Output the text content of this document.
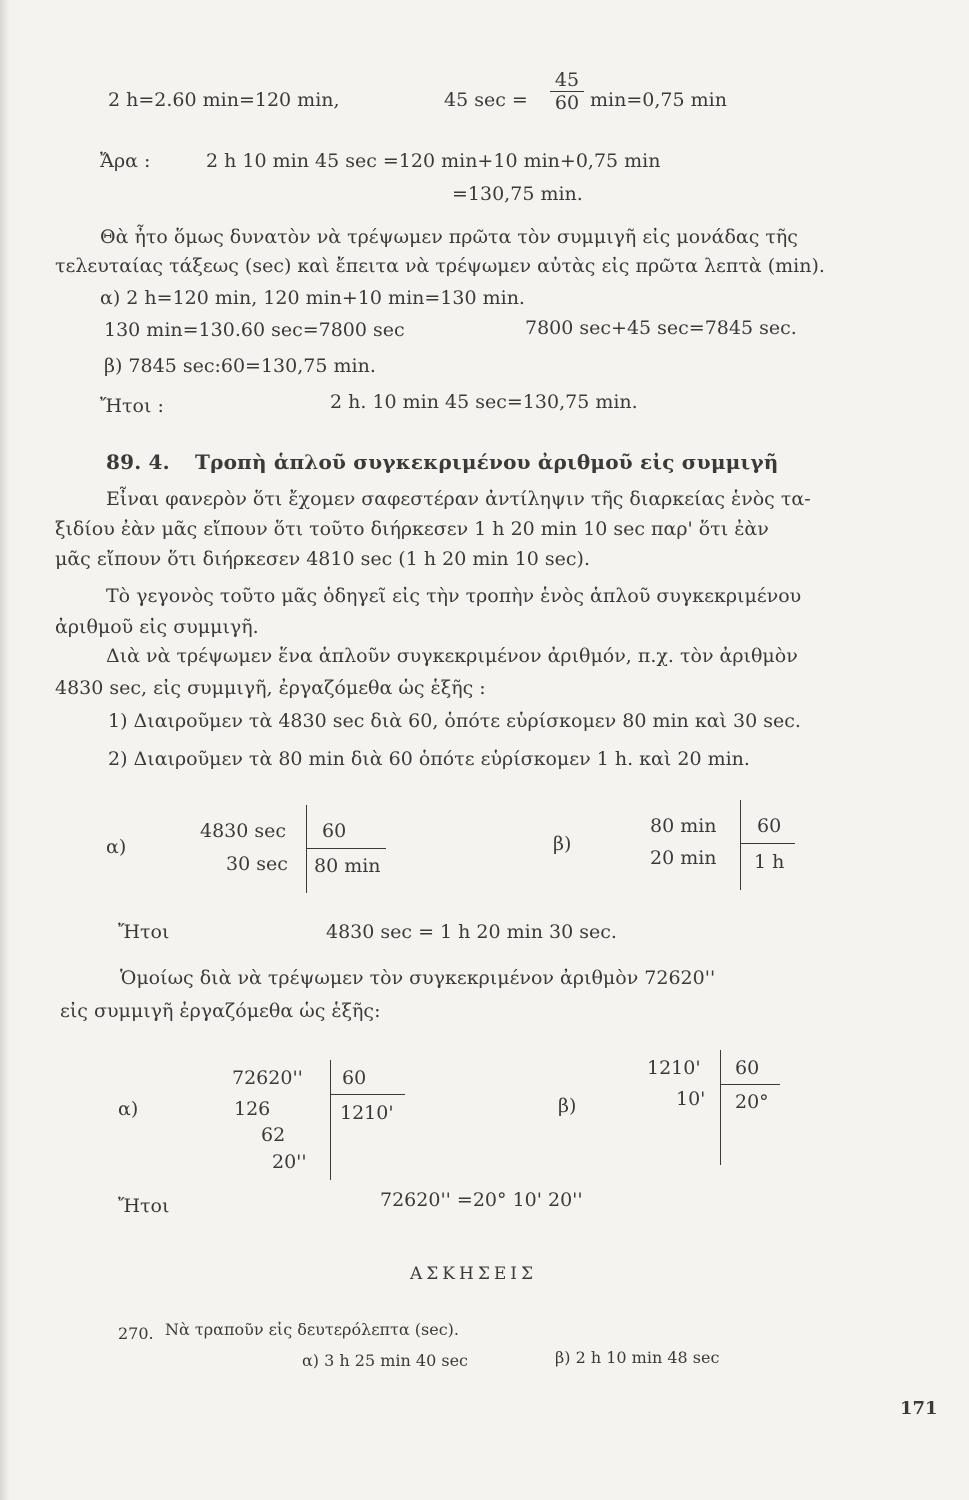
2 h=2.60 min=120 min,	45 sec =
45
60 min=0,75 min
Ἄρα :	2 h 10 min 45 sec =120 min+10 min+0,75 min
=130,75 min.
Θὰ ἦτο ὅμως δυνατὸν νὰ τρέψωμεν πρῶτα τὸν συμμιγῆ εἰς μονάδας τῆς
τελευταίας τάξεως (sec) καὶ ἔπειτα νὰ τρέψωμεν αὐτὰς εἰς πρῶτα λεπτὰ (min).
α) 2 h=120 min, 120 min+10 min=130 min.
130 min=130.60 sec=7800 sec	7800 sec+45 sec=7845 sec.
β) 7845 sec:60=130,75 min.
Ἤτοι :	2 h. 10 min 45 sec=130,75 min.
89. 4. Τροπὴ ἁπλοῦ συγκεκριμένου ἀριθμοῦ εἰς συμμιγῆ
Εἶναι φανερὸν ὅτι ἔχομεν σαφεστέραν ἀντίληψιν τῆς διαρκείας ἑνὸς τα-
ξιδίου ἐὰν μᾶς εἴπουν ὅτι τοῦτο διήρκεσεν 1 h 20 min 10 sec παρ' ὅτι ἐὰν
μᾶς εἴπουν ὅτι διήρκεσεν 4810 sec (1 h 20 min 10 sec).
Τὸ γεγονὸς τοῦτο μᾶς ὁδηγεῖ εἰς τὴν τροπὴν ἑνὸς ἁπλοῦ συγκεκριμένου
ἀριθμοῦ εἰς συμμιγῆ.
Διὰ νὰ τρέψωμεν ἕνα ἁπλοῦν συγκεκριμένον ἀριθμόν, π.χ. τὸν ἀριθμὸν
4830 sec, εἰς συμμιγῆ, ἐργαζόμεθα ὡς ἑξῆς :
1) Διαιροῦμεν τὰ 4830 sec διὰ 60, ὁπότε εὑρίσκομεν 80 min καὶ 30 sec.
2) Διαιροῦμεν τὰ 80 min διὰ 60 ὁπότε εὑρίσκομεν 1 h. καὶ 20 min.
α)
4830 sec
30 sec
60
80 min
β)
80 min
20 min
60
1 h
Ἤτοι	4830 sec = 1 h 20 min 30 sec.
Ὁμοίως διὰ νὰ τρέψωμεν τὸν συγκεκριμένον ἀριθμὸν 72620''
εἰς συμμιγῆ ἐργαζόμεθα ὡς ἑξῆς:
α)
72620''
126
62
20''
60
1210'	β)
1210'
10'
60
20°
Ἤτοι	72620'' =20° 10' 20''
ΑΣΚΗΣΕΙΣ
270. Νὰ τραποῦν εἰς δευτερόλεπτα (sec).
α) 3 h 25 min 40 sec	β) 2 h 10 min 48 sec
171
